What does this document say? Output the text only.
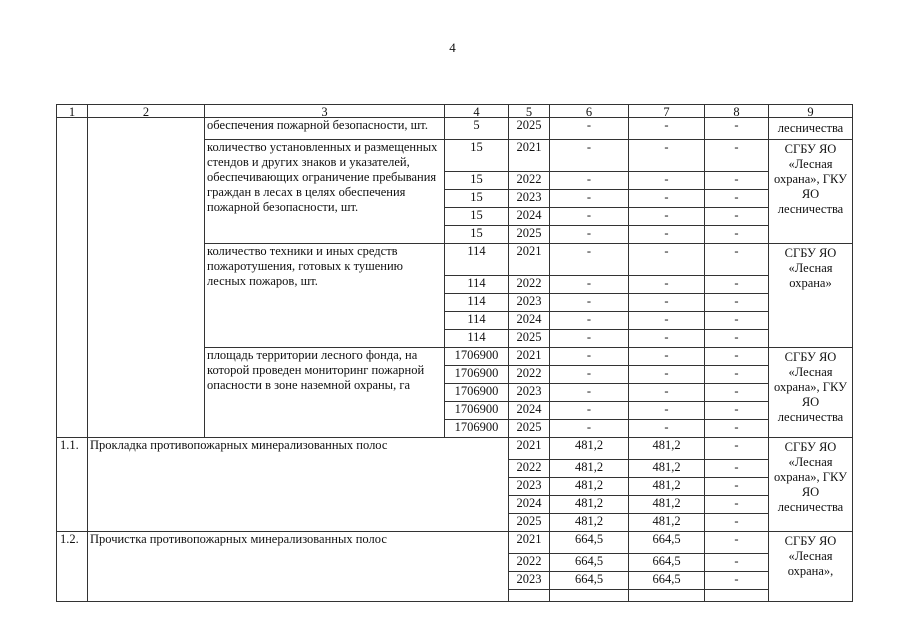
4
1	2	3	4	5	6	7	8	9
обеспечения пожарной безопасности, шт.	5	2025	-	-	-	лесничества
количество установленных и размещенных стендов и других знаков и указателей, обеспечивающих ограничение пребывания граждан в лесах в целях обеспечения пожарной безопасности, шт.
15	2021	-	-	-
15	2022	-	-	-
15	2023	-	-	-
15	2024	-	-	-
15	2025	-	-	-
СГБУ ЯО «Лесная охрана», ГКУ ЯО лесничества
количество техники и иных средств пожаротушения, готовых к тушению лесных пожаров, шт.
114	2021	-	-	-
114	2022	-	-	-
114	2023	-	-	-
114	2024	-	-	-
114	2025	-	-	-
СГБУ ЯО «Лесная охрана»
площадь территории лесного фонда, на которой проведен мониторинг пожарной опасности в зоне наземной охраны, га
1706900	2021	-	-	-
1706900	2022	-	-	-
1706900	2023	-	-	-
1706900	2024	-	-	-
1706900	2025	-	-	-
СГБУ ЯО «Лесная охрана», ГКУ ЯО лесничества
1.1. Прокладка противопожарных минерализованных полос	2021	481,2	481,2	-
2022	481,2	481,2	-
2023	481,2	481,2	-
2024	481,2	481,2	-
2025	481,2	481,2	-
СГБУ ЯО «Лесная охрана», ГКУ ЯО лесничества
1.2. Прочистка противопожарных минерализованных полос	2021	664,5	664,5	-
2022	664,5	664,5	-
2023	664,5	664,5	-
СГБУ ЯО «Лесная охрана»,
